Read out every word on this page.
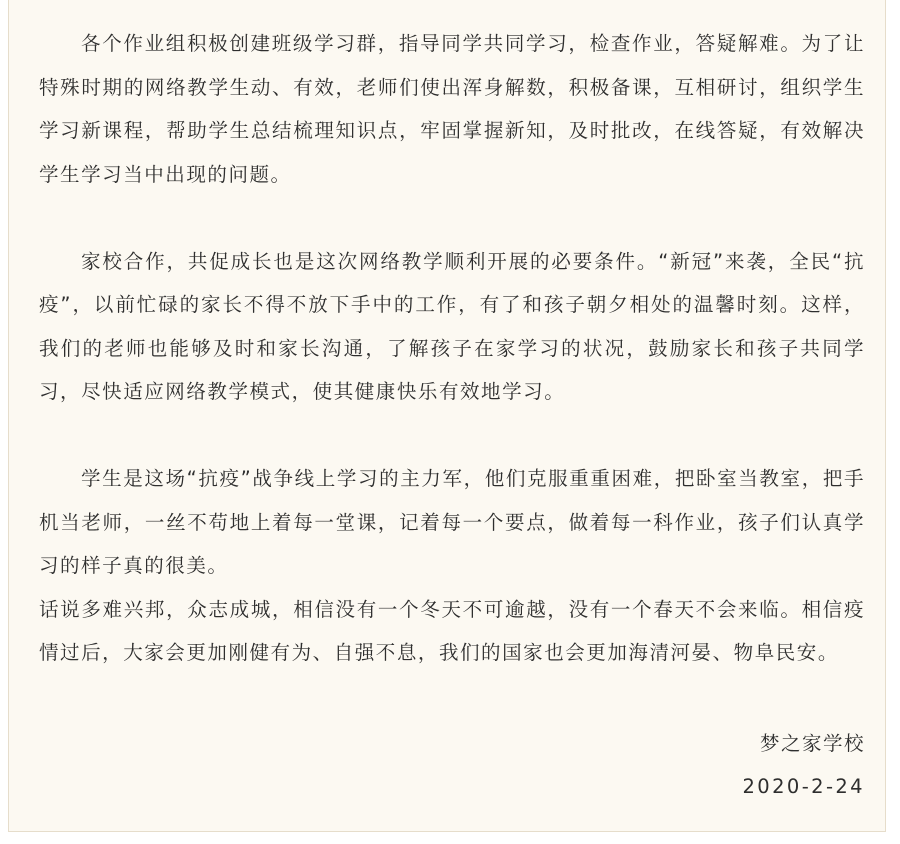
各个作业组积极创建班级学习群，指导同学共同学习，检查作业，答疑解难。为了让特殊时期的网络教学生动、有效，老师们使出浑身解数，积极备课，互相研讨，组织学生学习新课程，帮助学生总结梳理知识点，牢固掌握新知，及时批改，在线答疑，有效解决学生学习当中出现的问题。

家校合作，共促成长也是这次网络教学顺利开展的必要条件。“新冠”来袭，全民“抗疫”，以前忙碌的家长不得不放下手中的工作，有了和孩子朝夕相处的温馨时刻。这样，我们的老师也能够及时和家长沟通，了解孩子在家学习的状况，鼓励家长和孩子共同学习，尽快适应网络教学模式，使其健康快乐有效地学习。

学生是这场“抗疫”战争线上学习的主力军，他们克服重重困难，把卧室当教室，把手机当老师，一丝不苟地上着每一堂课，记着每一个要点，做着每一科作业，孩子们认真学习的样子真的很美。

话说多难兴邦，众志成城，相信没有一个冬天不可逾越，没有一个春天不会来临。相信疫情过后，大家会更加刚健有为、自强不息，我们的国家也会更加海清河晏、物阜民安。

梦之家学校
2020-2-24
